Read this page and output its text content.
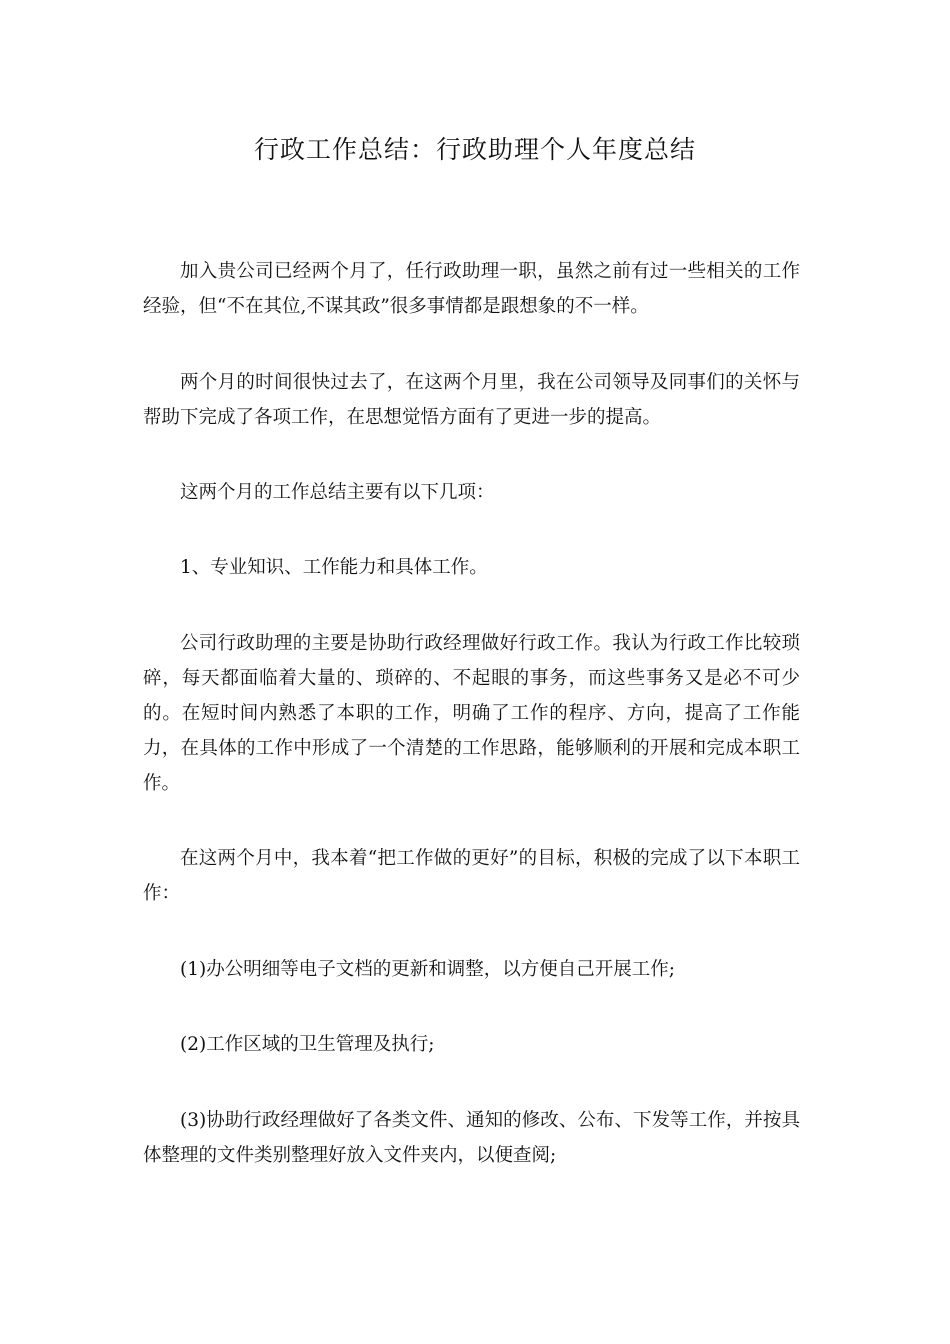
行政工作总结：行政助理个人年度总结

加入贵公司已经两个月了，任行政助理一职，虽然之前有过一些相关的工作经验，但“不在其位,不谋其政”很多事情都是跟想象的不一样。

两个月的时间很快过去了，在这两个月里，我在公司领导及同事们的关怀与帮助下完成了各项工作，在思想觉悟方面有了更进一步的提高。

这两个月的工作总结主要有以下几项：

1、专业知识、工作能力和具体工作。

公司行政助理的主要是协助行政经理做好行政工作。我认为行政工作比较琐碎，每天都面临着大量的、琐碎的、不起眼的事务，而这些事务又是必不可少的。在短时间内熟悉了本职的工作，明确了工作的程序、方向，提高了工作能力，在具体的工作中形成了一个清楚的工作思路，能够顺利的开展和完成本职工作。

在这两个月中，我本着“把工作做的更好”的目标，积极的完成了以下本职工作：

(1)办公明细等电子文档的更新和调整，以方便自己开展工作;

(2)工作区域的卫生管理及执行;

(3)协助行政经理做好了各类文件、通知的修改、公布、下发等工作，并按具体整理的文件类别整理好放入文件夹内，以便查阅;
